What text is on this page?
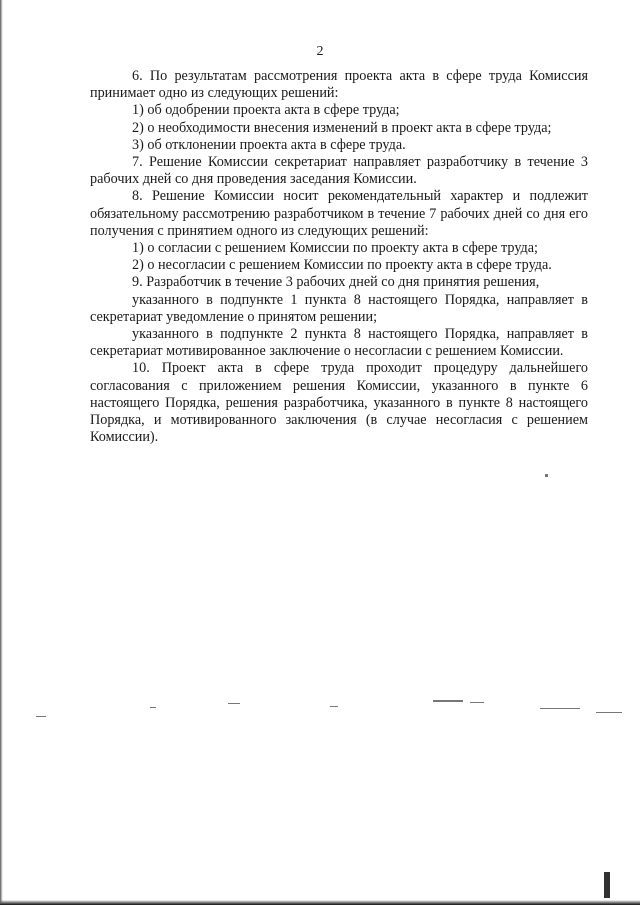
2

6. По результатам рассмотрения проекта акта в сфере труда Комиссия принимает одно из следующих решений:

1) об одобрении проекта акта в сфере труда;

2) о необходимости внесения изменений в проект акта в сфере труда;

3) об отклонении проекта акта в сфере труда.

7. Решение Комиссии секретариат направляет разработчику в течение 3 рабочих дней со дня проведения заседания Комиссии.

8. Решение Комиссии носит рекомендательный характер и подлежит обязательному рассмотрению разработчиком в течение 7 рабочих дней со дня его получения с принятием одного из следующих решений:

1) о согласии с решением Комиссии по проекту акта в сфере труда;

2) о несогласии с решением Комиссии по проекту акта в сфере труда.

9. Разработчик в течение 3 рабочих дней со дня принятия решения,

указанного в подпункте 1 пункта 8 настоящего Порядка, направляет в секретариат уведомление о принятом решении;

указанного в подпункте 2 пункта 8 настоящего Порядка, направляет в секретариат мотивированное заключение о несогласии с решением Комиссии.

10. Проект акта в сфере труда проходит процедуру дальнейшего согласования с приложением решения Комиссии, указанного в пункте 6 настоящего Порядка, решения разработчика, указанного в пункте 8 настоящего Порядка, и мотивированного заключения (в случае несогласия с решением Комиссии).
